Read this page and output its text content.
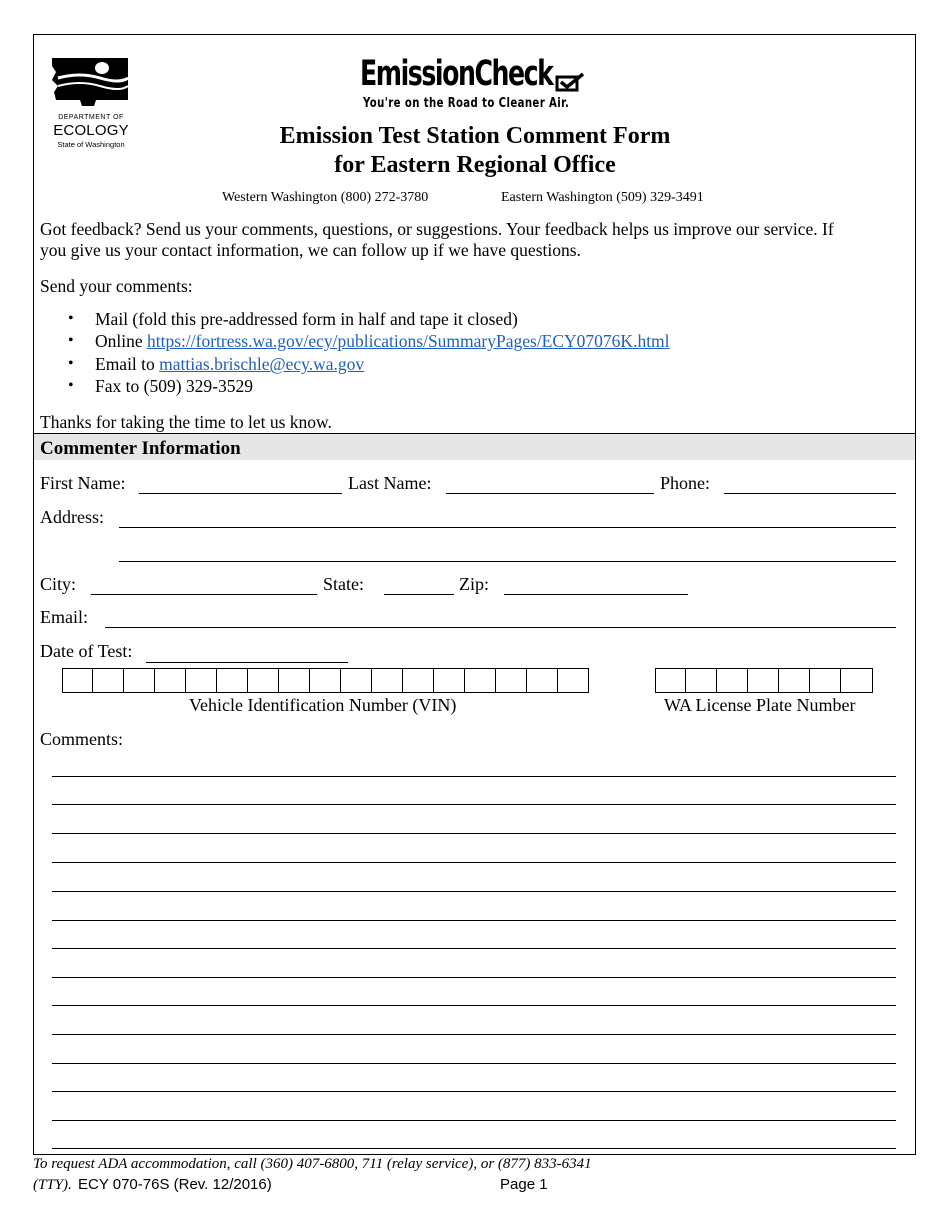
DEPARTMENT OF
ECOLOGY
State of Washington
EmissionCheck
You're on the Road to Cleaner Air.
Emission Test Station Comment Form
for Eastern Regional Office
Western Washington (800) 272-3780	Eastern Washington (509) 329-3491
Got feedback? Send us your comments, questions, or suggestions. Your feedback helps us improve our service. If
you give us your contact information, we can follow up if we have questions.
Send your comments:
• Mail (fold this pre-addressed form in half and tape it closed)
• Online https://fortress.wa.gov/ecy/publications/SummaryPages/ECY07076K.html
• Email to mattias.brischle@ecy.wa.gov
• Fax to (509) 329-3529
Thanks for taking the time to let us know.
Commenter Information
First Name:	Last Name:	Phone:
Address:
City:	State:	Zip:
Email:
Date of Test:
Vehicle Identification Number (VIN)	WA License Plate Number
Comments:
To request ADA accommodation, call (360) 407-6800, 711 (relay service), or (877) 833-6341
(TTY). ECY 070-76S (Rev. 12/2016)	Page 1
